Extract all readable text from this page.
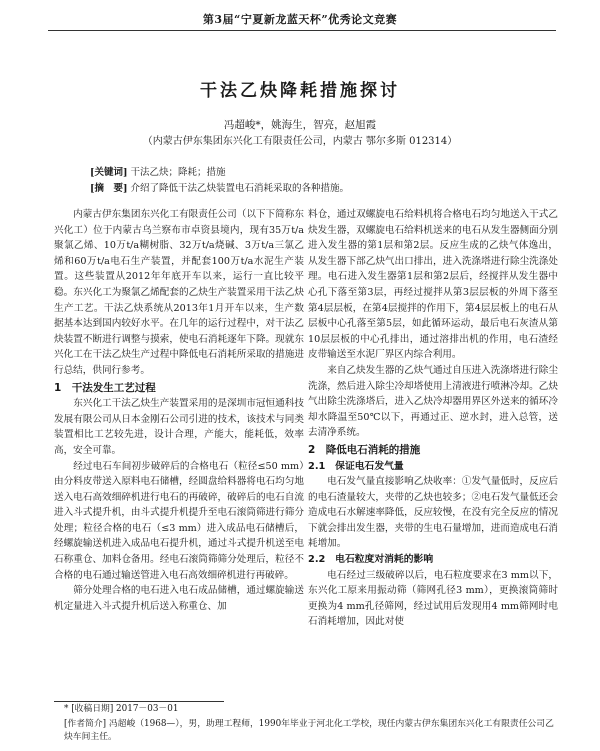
第3届“宁夏新龙蓝天杯”优秀论文竞赛
干法乙炔降耗措施探讨
冯超峻*，姚海生，智亮，赵旭霞
（内蒙古伊东集团东兴化工有限责任公司，内蒙古 鄂尔多斯 012314）
[关键词] 干法乙炔；降耗；措施
[摘　要] 介绍了降低干法乙炔装置电石消耗采取的各种措施。

内蒙古伊东集团东兴化工有限责任公司（以下下简称东兴化工）位于内蒙古乌兰察布市卓资县境内，现有35万t/a聚氯乙烯、10万t/a糊树脂、32万t/a烧碱、3万t/a三氯乙烯和60万t/a电石生产装置，并配套100万t/a水泥生产装置。这些装置从2012年年底开车以来，运行一直比较平稳。东兴化工为聚氯乙烯配套的乙炔生产装置采用干法乙炔生产工艺。干法乙炔系统从2013年1月开车以来，生产数据基本达到国内较好水平。在几年的运行过程中，对干法乙炔装置不断进行调整与摸索，使电石消耗逐年下降。现就东兴化工在干法乙炔生产过程中降低电石消耗所采取的措施进行总结，供同行参考。

1　干法发生工艺过程

东兴化工干法乙炔生产装置采用的是深圳市冠恒通科技发展有限公司从日本金刚石公司引进的技术，该技术与同类装置相比工艺较先进，设计合理，产能大，能耗低，效率高，安全可靠。

经过电石车间初步破碎后的合格电石（粒径≤50 mm）由分料皮带送入原料电石储槽，经圆盘给料器将电石均匀地送入电石高效细碎机进行电石的再破碎，破碎后的电石自流进入斗式提升机，由斗式提升机提升至电石滚筒筛进行筛分处理；粒径合格的电石（≤3 mm）进入成品电石储槽后，经螺旋输送机进入成品电石提升机，通过斗式提升机送至电石称重仓、加料仓备用。经电石滚筒筛筛分处理后，粒径不合格的电石通过输送管进入电石高效细碎机进行再破碎。

筛分处理合格的电石进入电石成品储槽，通过螺旋输送机定量进入斗式提升机后送入称重仓、加

料仓，通过双螺旋电石给料机将合格电石均匀地送入干式乙炔发生器，双螺旋电石给料机送来的电石从发生器侧面分别进入发生器的第1层和第2层。反应生成的乙炔气体逸出，从发生器下部乙炔气出口排出，进入洗涤塔进行除尘洗涤处理。电石进入发生器第1层和第2层后，经搅拌从发生器中心孔下落至第3层，再经过搅拌从第3层层板的外周下落至第4层层板，在第4层搅拌的作用下，第4层层板上的电石从层板中心孔落至第5层，如此循环运动，最后电石灰渣从第10层层板的中心孔排出，通过溶排出机的作用，电石渣经皮带输送至水泥厂界区内综合利用。

来自乙炔发生器的乙炔气通过自压进入洗涤塔进行除尘洗涤，然后进入除尘冷却塔使用上清液进行喷淋冷却。乙炔气出除尘洗涤塔后，进入乙炔冷却器用界区外送来的循环冷却水降温至50℃以下，再通过正、逆水封，进入总管，送去清净系统。

2　降低电石消耗的措施
2.1　保证电石发气量

电石发气量直接影响乙炔收率：①发气量低时，反应后的电石渣量较大，夹带的乙炔也较多；②电石发气量低还会造成电石水解速率降低，反应较慢，在没有完全反应的情况下就会排出发生器，夹带的生电石量增加，进而造成电石消耗增加。

2.2　电石粒度对消耗的影响

电石经过三级破碎以后，电石粒度要求在3 mm以下，东兴化工原来用振动筛（筛网孔径3 mm），更换滚筒筛时更换为4 mm孔径筛网，经过试用后发现用4 mm筛网时电石消耗增加，因此对使

* [收稿日期] 2017－03－01
[作者简介] 冯超峻（1968—），男，助理工程师，1990年毕业于河北化工学校，现任内蒙古伊东集团东兴化工有限责任公司乙炔车间主任。
